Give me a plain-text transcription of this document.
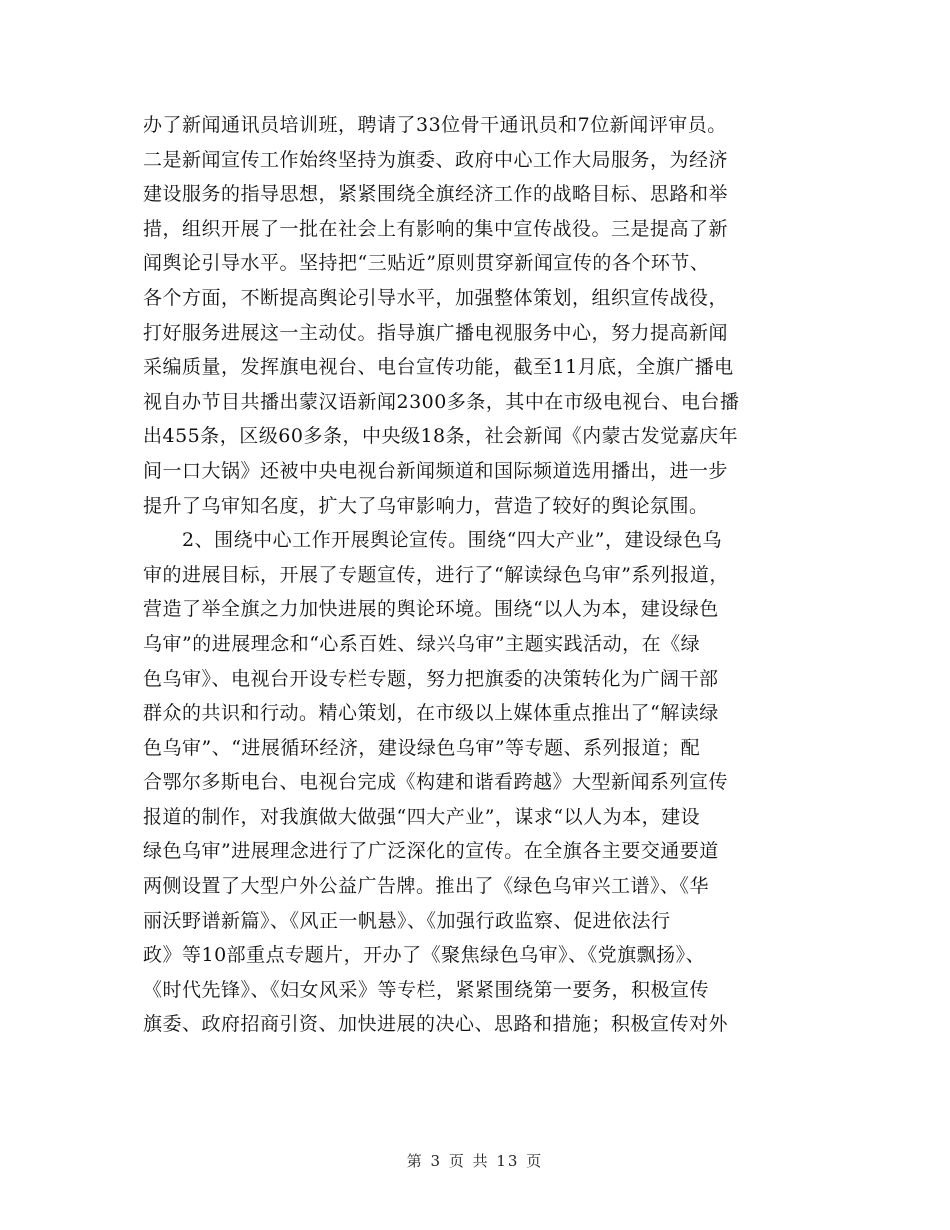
办了新闻通讯员培训班，聘请了33位骨干通讯员和7位新闻评审员。
二是新闻宣传工作始终坚持为旗委、政府中心工作大局服务，为经济
建设服务的指导思想，紧紧围绕全旗经济工作的战略目标、思路和举
措，组织开展了一批在社会上有影响的集中宣传战役。三是提高了新
闻舆论引导水平。坚持把“三贴近”原则贯穿新闻宣传的各个环节、
各个方面，不断提高舆论引导水平，加强整体策划，组织宣传战役，
打好服务进展这一主动仗。指导旗广播电视服务中心，努力提高新闻
采编质量，发挥旗电视台、电台宣传功能，截至11月底，全旗广播电
视自办节目共播出蒙汉语新闻2300多条，其中在市级电视台、电台播
出455条，区级60多条，中央级18条，社会新闻《内蒙古发觉嘉庆年
间一口大锅》还被中央电视台新闻频道和国际频道选用播出，进一步
提升了乌审知名度，扩大了乌审影响力，营造了较好的舆论氛围。
　　2、围绕中心工作开展舆论宣传。围绕“四大产业”，建设绿色乌
审的进展目标，开展了专题宣传，进行了“解读绿色乌审”系列报道，
营造了举全旗之力加快进展的舆论环境。围绕“以人为本，建设绿色
乌审”的进展理念和“心系百姓、绿兴乌审”主题实践活动，在《绿
色乌审》、电视台开设专栏专题，努力把旗委的决策转化为广阔干部
群众的共识和行动。精心策划，在市级以上媒体重点推出了“解读绿
色乌审”、“进展循环经济，建设绿色乌审”等专题、系列报道；配
合鄂尔多斯电台、电视台完成《构建和谐看跨越》大型新闻系列宣传
报道的制作，对我旗做大做强“四大产业”，谋求“以人为本，建设
绿色乌审”进展理念进行了广泛深化的宣传。在全旗各主要交通要道
两侧设置了大型户外公益广告牌。推出了《绿色乌审兴工谱》、《华
丽沃野谱新篇》、《风正一帆悬》、《加强行政监察、促进依法行
政》等10部重点专题片，开办了《聚焦绿色乌审》、《党旗飘扬》、
《时代先锋》、《妇女风采》等专栏，紧紧围绕第一要务，积极宣传
旗委、政府招商引资、加快进展的决心、思路和措施；积极宣传对外
第 3 页 共 13 页
